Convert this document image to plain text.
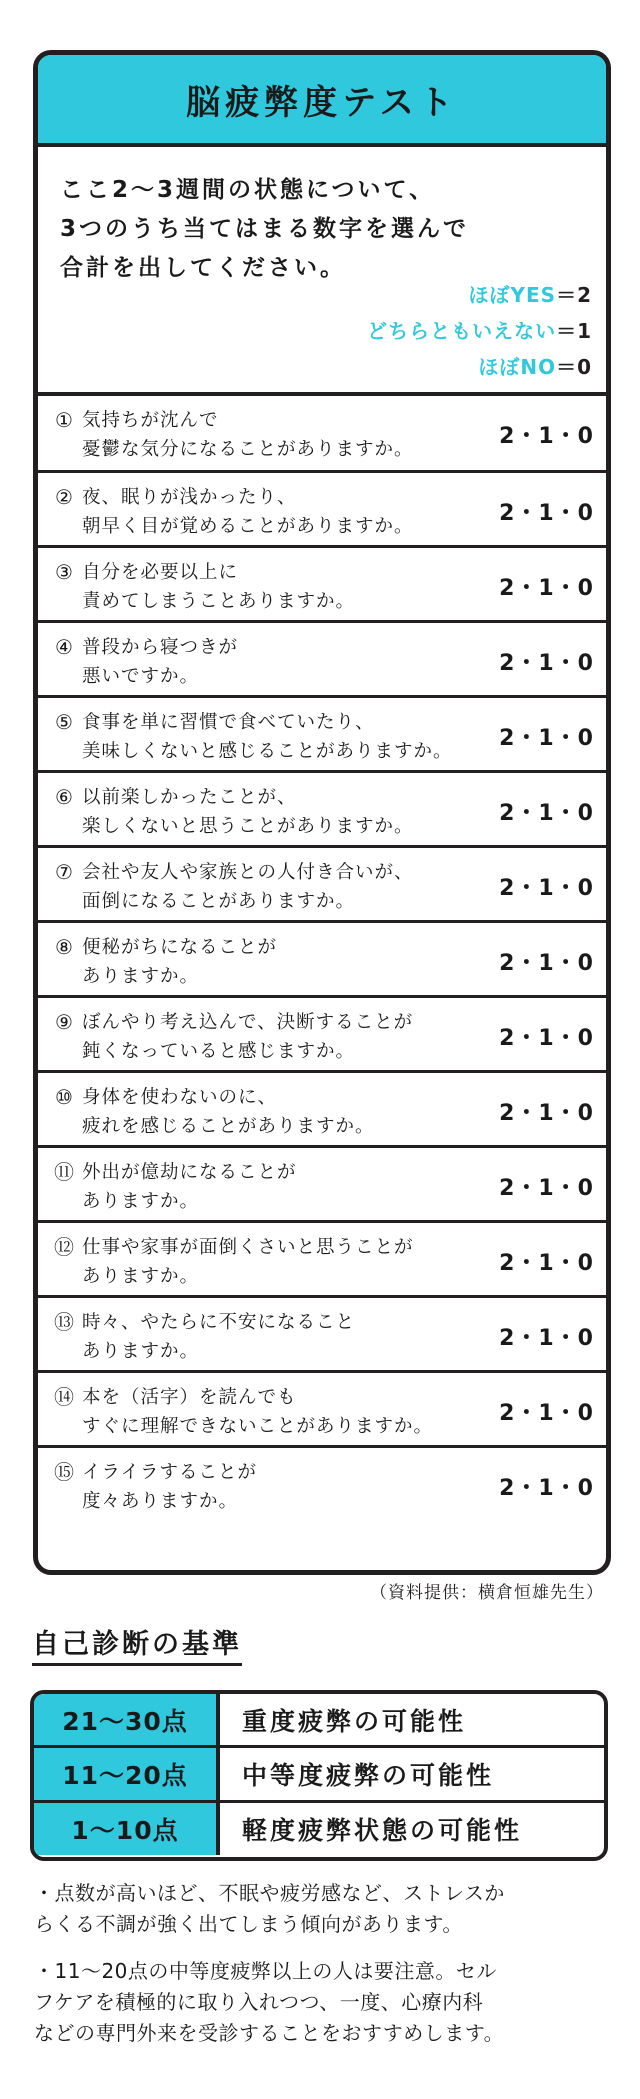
脳疲弊度テスト

ここ2〜3週間の状態について、
3つのうち当てはまる数字を選んで
合計を出してください。

ほぼYES＝2
どちらともいえない＝1
ほぼNO＝0
① 気持ちが沈んで
憂鬱な気分になることがありますか。
2・1・0
② 夜、眠りが浅かったり、
朝早く目が覚めることがありますか。
2・1・0
③ 自分を必要以上に
責めてしまうことありますか。
2・1・0
④ 普段から寝つきが
悪いですか。
2・1・0
⑤ 食事を単に習慣で食べていたり、
美味しくないと感じることがありますか。
2・1・0
⑥ 以前楽しかったことが、
楽しくないと思うことがありますか。
2・1・0
⑦ 会社や友人や家族との人付き合いが、
面倒になることがありますか。
2・1・0
⑧ 便秘がちになることが
ありますか。
2・1・0
⑨ ぼんやり考え込んで、決断することが
鈍くなっていると感じますか。
2・1・0
⑩ 身体を使わないのに、
疲れを感じることがありますか。
2・1・0
⑪ 外出が億劫になることが
ありますか。
2・1・0
⑫ 仕事や家事が面倒くさいと思うことが
ありますか。
2・1・0
⑬ 時々、やたらに不安になること
ありますか。
2・1・0
⑭ 本を（活字）を読んでも
すぐに理解できないことがありますか。
2・1・0
⑮ イライラすることが
度々ありますか。
2・1・0
（資料提供：横倉恒雄先生）
自己診断の基準
21〜30点	重度疲弊の可能性
11〜20点	中等度疲弊の可能性
1〜10点	軽度疲弊状態の可能性
・点数が高いほど、不眠や疲労感など、ストレスか
らくる不調が強く出てしまう傾向があります。
・11〜20点の中等度疲弊以上の人は要注意。セル
フケアを積極的に取り入れつつ、一度、心療内科
などの専門外来を受診することをおすすめします。
